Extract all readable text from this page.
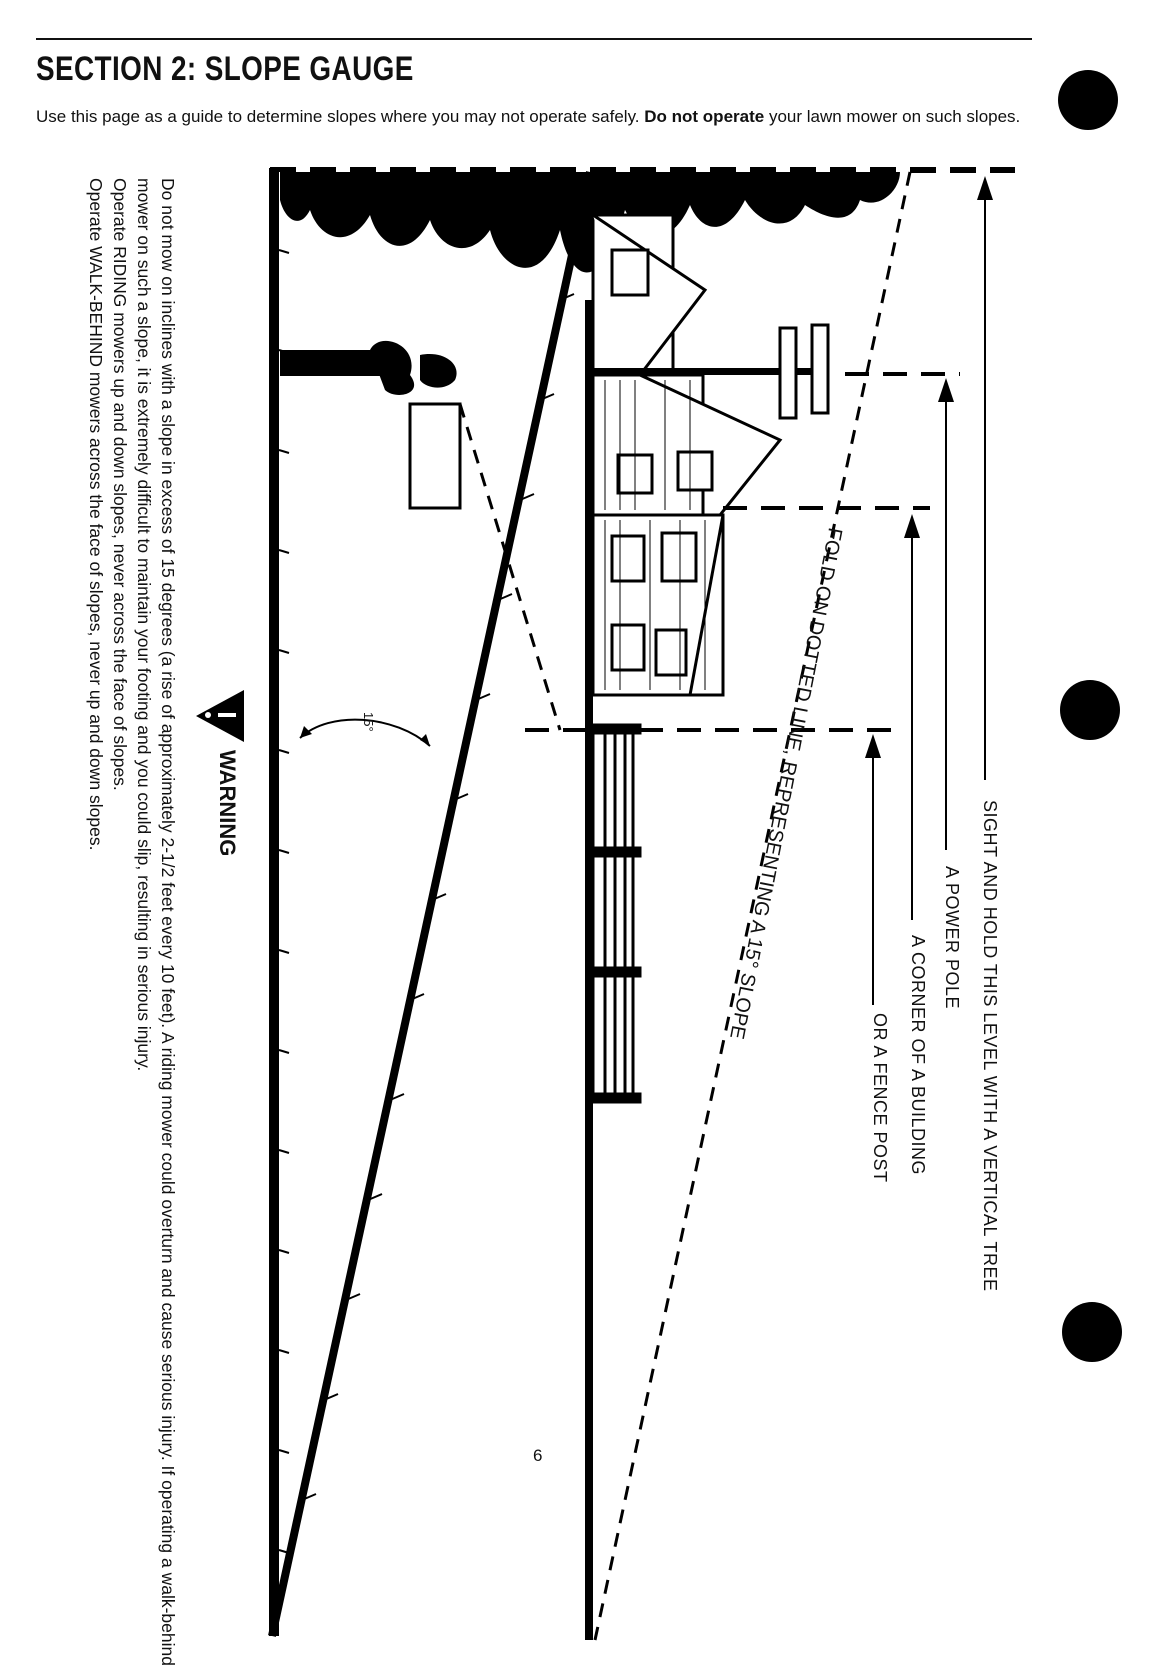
SECTION 2: SLOPE GAUGE
Use this page as a guide to determine slopes where you may not operate safely. Do not operate your lawn mower on such slopes.
SIGHT AND HOLD THIS LEVEL WITH A VERTICAL TREE
A POWER POLE
A CORNER OF A BUILDING
OR A FENCE POST
FOLD ON DOTTED LINE, REPRESENTING A 15° SLOPE
15°
WARNING

Do not mow on inclines with a slope in excess of 15 degrees (a rise of approximately 2-1/2 feet every 10 feet). A riding mower could overturn and cause serious injury. If operating a walk-behind mower on such a slope, it is extremely difficult to maintain your footing and you could slip, resulting in serious injury.

Operate RIDING mowers up and down slopes, never across the face of slopes.

Operate WALK-BEHIND mowers across the face of slopes, never up and down slopes.

6
